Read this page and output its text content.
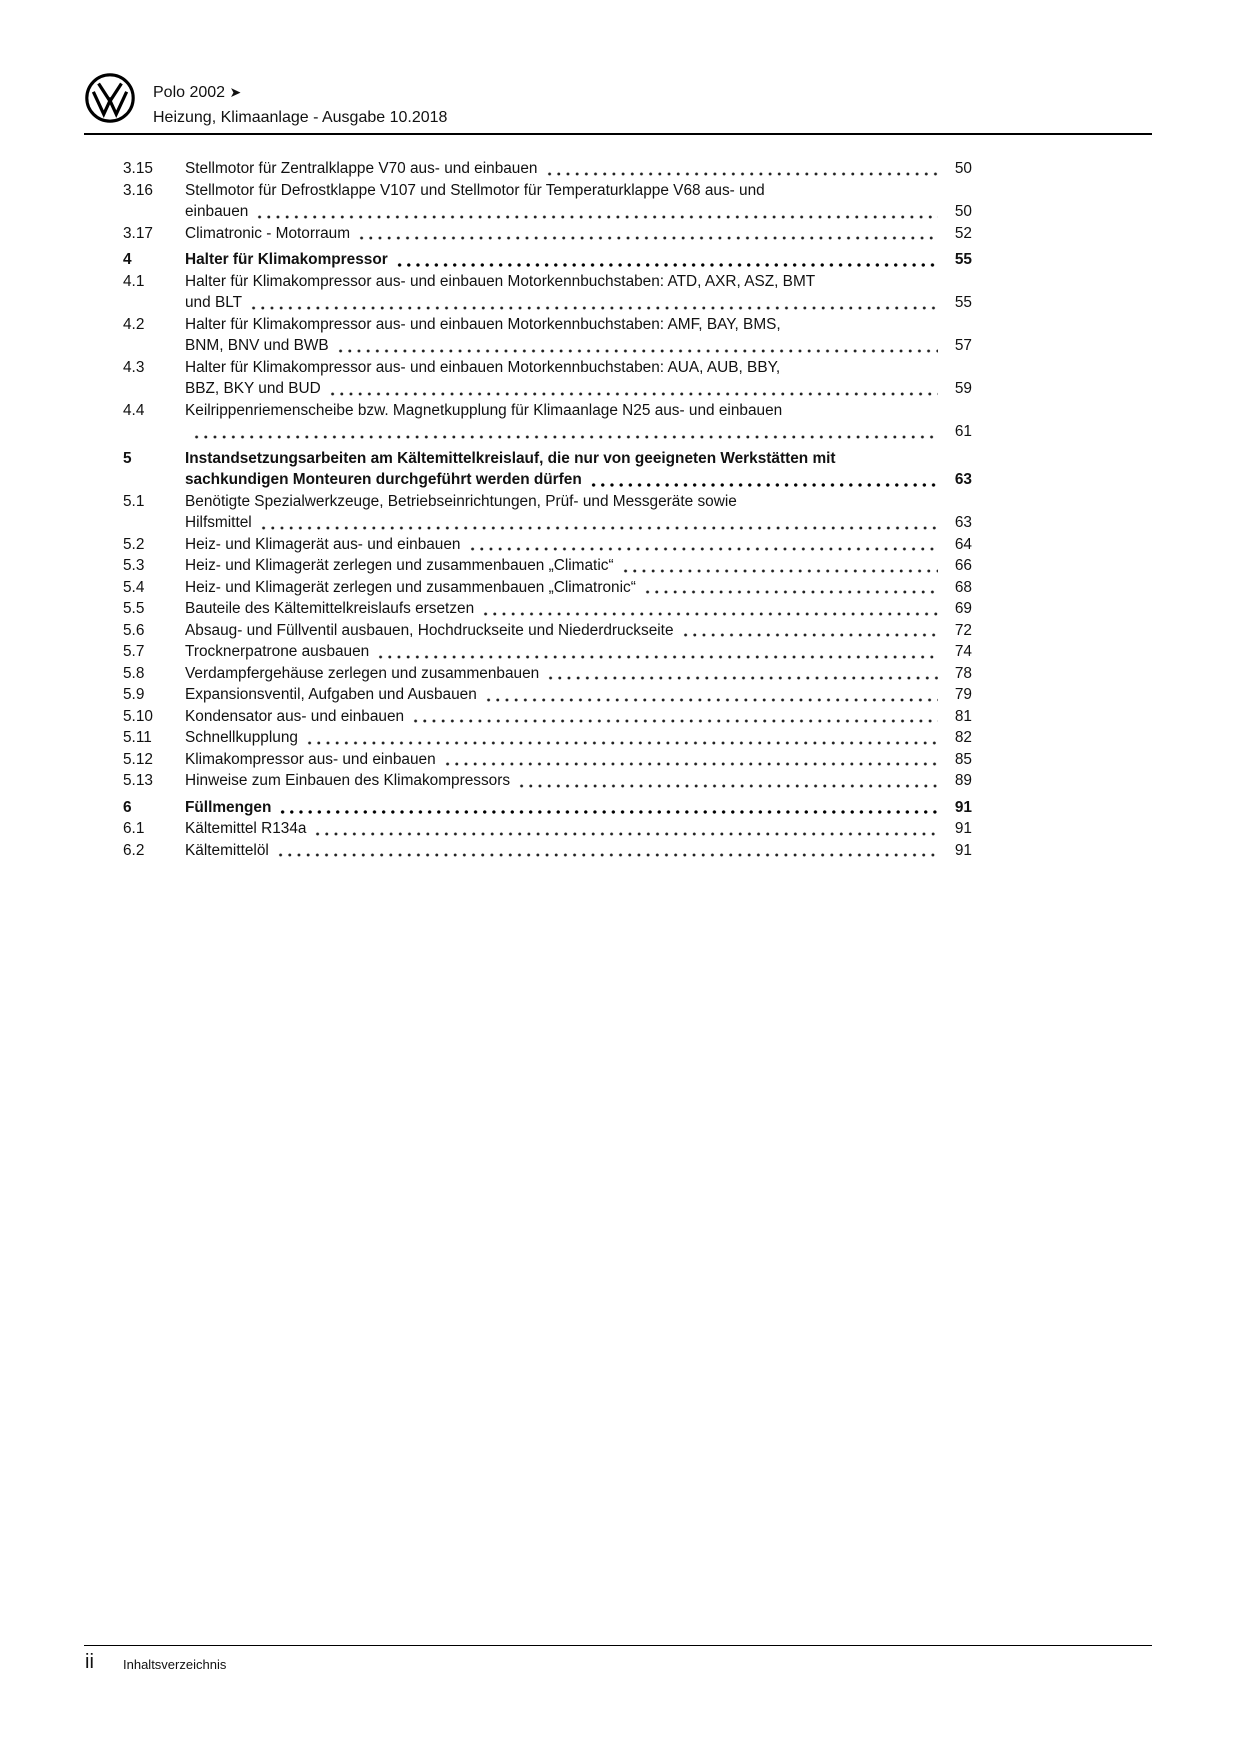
Polo 2002 ➤
Heizung, Klimaanlage - Ausgabe 10.2018
3.15	Stellmotor für Zentralklappe V70 aus- und einbauen	50
3.16	Stellmotor für Defrostklappe V107 und Stellmotor für Temperaturklappe V68 aus- und
einbauen	50
3.17	Climatronic - Motorraum	52
4	Halter für Klimakompressor	55
4.1	Halter für Klimakompressor aus- und einbauen Motorkennbuchstaben: ATD, AXR, ASZ, BMT
und BLT	55
4.2	Halter für Klimakompressor aus- und einbauen Motorkennbuchstaben: AMF, BAY, BMS,
BNM, BNV und BWB	57
4.3	Halter für Klimakompressor aus- und einbauen Motorkennbuchstaben: AUA, AUB, BBY,
BBZ, BKY und BUD	59
4.4	Keilrippenriemenscheibe bzw. Magnetkupplung für Klimaanlage N25 aus- und einbauen
61
5	Instandsetzungsarbeiten am Kältemittelkreislauf, die nur von geeigneten Werkstätten mit
sachkundigen Monteuren durchgeführt werden dürfen	63
5.1	Benötigte Spezialwerkzeuge, Betriebseinrichtungen, Prüf- und Messgeräte sowie
Hilfsmittel	63
5.2	Heiz- und Klimagerät aus- und einbauen	64
5.3	Heiz- und Klimagerät zerlegen und zusammenbauen „Climatic“	66
5.4	Heiz- und Klimagerät zerlegen und zusammenbauen „Climatronic“	68
5.5	Bauteile des Kältemittelkreislaufs ersetzen	69
5.6	Absaug- und Füllventil ausbauen, Hochdruckseite und Niederdruckseite	72
5.7	Trocknerpatrone ausbauen	74
5.8	Verdampfergehäuse zerlegen und zusammenbauen	78
5.9	Expansionsventil, Aufgaben und Ausbauen	79
5.10	Kondensator aus- und einbauen	81
5.11	Schnellkupplung	82
5.12	Klimakompressor aus- und einbauen	85
5.13	Hinweise zum Einbauen des Klimakompressors	89
6	Füllmengen	91
6.1	Kältemittel R134a	91
6.2	Kältemittelöl	91
ii Inhaltsverzeichnis
